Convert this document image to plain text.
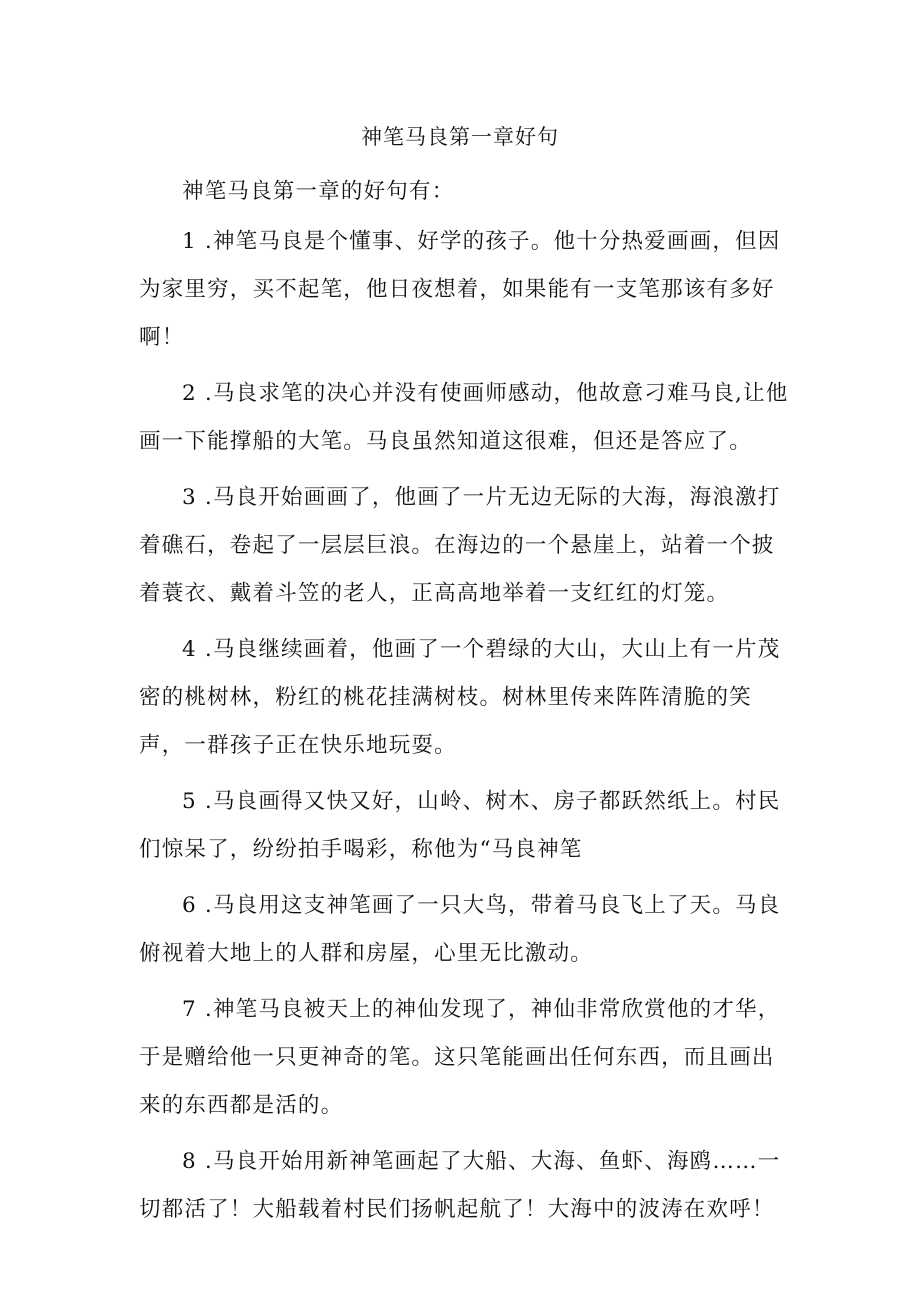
神笔马良第一章好句

神笔马良第一章的好句有：

1 .神笔马良是个懂事、好学的孩子。他十分热爱画画，但因为家里穷，买不起笔，他日夜想着，如果能有一支笔那该有多好啊！

2 .马良求笔的决心并没有使画师感动，他故意刁难马良,让他画一下能撑船的大笔。马良虽然知道这很难，但还是答应了。

3 .马良开始画画了，他画了一片无边无际的大海，海浪激打着礁石，卷起了一层层巨浪。在海边的一个悬崖上，站着一个披着蓑衣、戴着斗笠的老人，正高高地举着一支红红的灯笼。

4 .马良继续画着，他画了一个碧绿的大山，大山上有一片茂密的桃树林，粉红的桃花挂满树枝。树林里传来阵阵清脆的笑声，一群孩子正在快乐地玩耍。

5 .马良画得又快又好，山岭、树木、房子都跃然纸上。村民们惊呆了，纷纷拍手喝彩，称他为“马良神笔

6 .马良用这支神笔画了一只大鸟，带着马良飞上了天。马良俯视着大地上的人群和房屋，心里无比激动。

7 .神笔马良被天上的神仙发现了，神仙非常欣赏他的才华，于是赠给他一只更神奇的笔。这只笔能画出任何东西，而且画出来的东西都是活的。

8 .马良开始用新神笔画起了大船、大海、鱼虾、海鸥……一切都活了！大船载着村民们扬帆起航了！大海中的波涛在欢呼！
